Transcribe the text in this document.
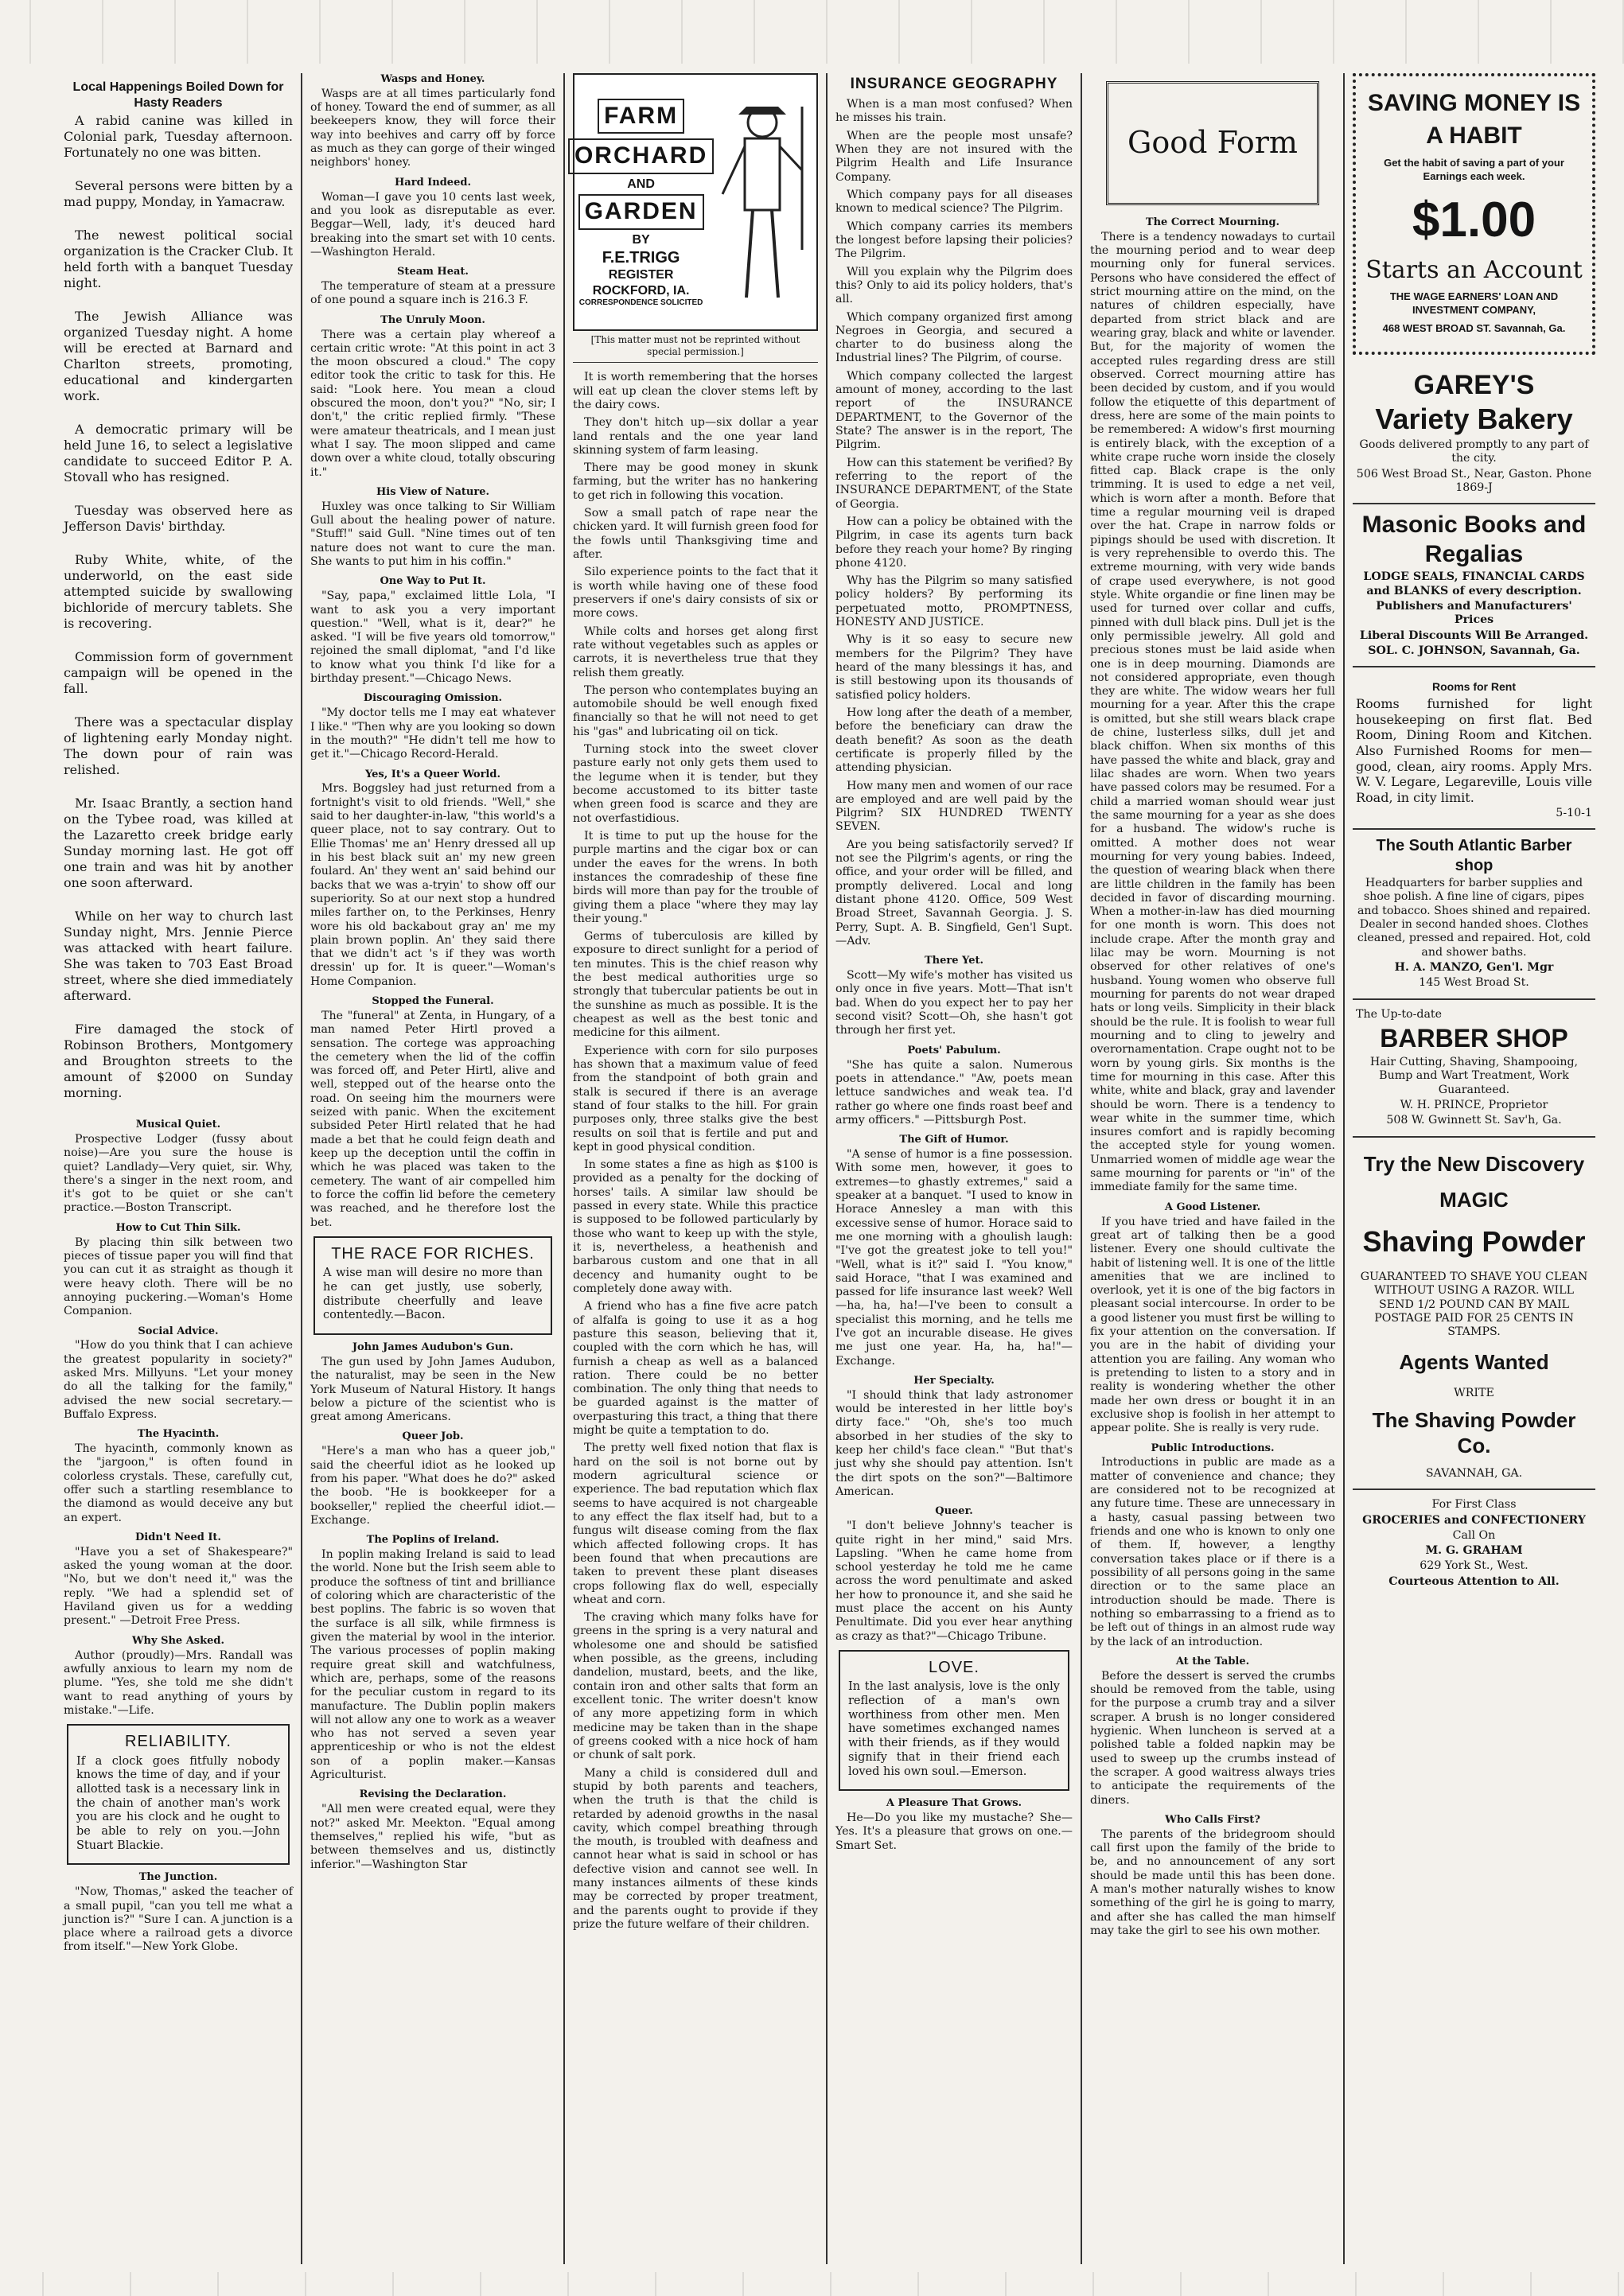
Local Happenings Boiled Down for Hasty Readers

A rabid canine was killed in Colonial park, Tuesday afternoon. Fortunately no one was bitten.

Several persons were bitten by a mad puppy, Monday, in Yamacraw.

The newest political social organization is the Cracker Club. It held forth with a banquet Tuesday night.

The Jewish Alliance was organized Tuesday night. A home will be erected at Barnard and Charlton streets, promoting, educational and kindergarten work.

A democratic primary will be held June 16, to select a legislative candidate to succeed Editor P. A. Stovall who has resigned.

Tuesday was observed here as Jefferson Davis' birthday.

Ruby White, white, of the underworld, on the east side attempted suicide by swallowing bichloride of mercury tablets. She is recovering.

Commission form of government campaign will be opened in the fall.

There was a spectacular display of lightening early Monday night. The down pour of rain was relished.

Mr. Isaac Brantly, a section hand on the Tybee road, was killed at the Lazaretto creek bridge early Sunday morning last. He got off one train and was hit by another one soon afterward.

While on her way to church last Sunday night, Mrs. Jennie Pierce was attacked with heart failure. She was taken to 703 East Broad street, where she died immediately afterward.

Fire damaged the stock of Robinson Brothers, Montgomery and Broughton streets to the amount of $2000 on Sunday morning.

Musical Quiet.

Prospective Lodger (fussy about noise)—Are you sure the house is quiet? Landlady—Very quiet, sir. Why, there's a singer in the next room, and it's got to be quiet or she can't practice.—Boston Transcript.

How to Cut Thin Silk.

By placing thin silk between two pieces of tissue paper you will find that you can cut it as straight as though it were heavy cloth. There will be no annoying puckering.—Woman's Home Companion.

Social Advice.

"How do you think that I can achieve the greatest popularity in society?" asked Mrs. Millyuns. "Let your money do all the talking for the family," advised the new social secretary.—Buffalo Express.

The Hyacinth.

The hyacinth, commonly known as the "jargoon," is often found in colorless crystals. These, carefully cut, offer such a startling resemblance to the diamond as would deceive any but an expert.

Didn't Need It.

"Have you a set of Shakespeare?" asked the young woman at the door. "No, but we don't need it," was the reply. "We had a splendid set of Haviland given us for a wedding present." —Detroit Free Press.

Why She Asked.

Author (proudly)—Mrs. Randall was awfully anxious to learn my nom de plume. "Yes, she told me she didn't want to read anything of yours by mistake."—Life.

RELIABILITY.

If a clock goes fitfully nobody knows the time of day, and if your allotted task is a necessary link in the chain of another man's work you are his clock and he ought to be able to rely on you.—John Stuart Blackie.

The Junction.

"Now, Thomas," asked the teacher of a small pupil, "can you tell me what a junction is?" "Sure I can. A junction is a place where a railroad gets a divorce from itself."—New York Globe.

Wasps and Honey.

Wasps are at all times particularly fond of honey. Toward the end of summer, as all beekeepers know, they will force their way into beehives and carry off by force as much as they can gorge of their winged neighbors' honey.

Hard Indeed.

Woman—I gave you 10 cents last week, and you look as disreputable as ever. Beggar—Well, lady, it's deuced hard breaking into the smart set with 10 cents.—Washington Herald.

Steam Heat.

The temperature of steam at a pressure of one pound a square inch is 216.3 F.

The Unruly Moon.

There was a certain play whereof a certain critic wrote: "At this point in act 3 the moon obscured a cloud." The copy editor took the critic to task for this. He said: "Look here. You mean a cloud obscured the moon, don't you?" "No, sir; I don't," the critic replied firmly. "These were amateur theatricals, and I mean just what I say. The moon slipped and came down over a white cloud, totally obscuring it."

His View of Nature.

Huxley was once talking to Sir William Gull about the healing power of nature. "Stuff!" said Gull. "Nine times out of ten nature does not want to cure the man. She wants to put him in his coffin."

One Way to Put It.

"Say, papa," exclaimed little Lola, "I want to ask you a very important question." "Well, what is it, dear?" he asked. "I will be five years old tomorrow," rejoined the small diplomat, "and I'd like to know what you think I'd like for a birthday present."—Chicago News.

Discouraging Omission.

"My doctor tells me I may eat whatever I like." "Then why are you looking so down in the mouth?" "He didn't tell me how to get it."—Chicago Record-Herald.

Yes, It's a Queer World.

Mrs. Boggsley had just returned from a fortnight's visit to old friends. "Well," she said to her daughter-in-law, "this world's a queer place, not to say contrary. Out to Ellie Thomas' me an' Henry dressed all up in his best black suit an' my new green foulard. An' they went an' said behind our backs that we was a-tryin' to show off our superiority. So at our next stop a hundred miles farther on, to the Perkinses, Henry wore his old backabout gray an' me my plain brown poplin. An' they said there that we didn't act 's if they was worth dressin' up for. It is queer."—Woman's Home Companion.

Stopped the Funeral.

The "funeral" at Zenta, in Hungary, of a man named Peter Hirtl proved a sensation. The cortege was approaching the cemetery when the lid of the coffin was forced off, and Peter Hirtl, alive and well, stepped out of the hearse onto the road. On seeing him the mourners were seized with panic. When the excitement subsided Peter Hirtl related that he had made a bet that he could feign death and keep up the deception until the coffin in which he was placed was taken to the cemetery. The want of air compelled him to force the coffin lid before the cemetery was reached, and he therefore lost the bet.

THE RACE FOR RICHES.

A wise man will desire no more than he can get justly, use soberly, distribute cheerfully and leave contentedly.—Bacon.

John James Audubon's Gun.

The gun used by John James Audubon, the naturalist, may be seen in the New York Museum of Natural History. It hangs below a picture of the scientist who is great among Americans.

Queer Job.

"Here's a man who has a queer job," said the cheerful idiot as he looked up from his paper. "What does he do?" asked the boob. "He is bookkeeper for a bookseller," replied the cheerful idiot.—Exchange.

The Poplins of Ireland.

In poplin making Ireland is said to lead the world. None but the Irish seem able to produce the softness of tint and brilliance of coloring which are characteristic of the best poplins. The fabric is so woven that the surface is all silk, while firmness is given the material by wool in the interior. The various processes of poplin making require great skill and watchfulness, which are, perhaps, some of the reasons for the peculiar custom in regard to its manufacture. The Dublin poplin makers will not allow any one to work as a weaver who has not served a seven year apprenticeship or who is not the eldest son of a poplin maker.—Kansas Agriculturist.

Revising the Declaration.

"All men were created equal, were they not?" asked Mr. Meekton. "Equal among themselves," replied his wife, "but as between themselves and us, distinctly inferior."—Washington Star

FARM
ORCHARD
AND
GARDEN
BY
F.E.TRIGG
REGISTER
ROCKFORD, IA.
CORRESPONDENCE SOLICITED
[This matter must not be reprinted without special permission.]

It is worth remembering that the horses will eat up clean the clover stems left by the dairy cows.

They don't hitch up—six dollar a year land rentals and the one year land skinning system of farm leasing.

There may be good money in skunk farming, but the writer has no hankering to get rich in following this vocation.

Sow a small patch of rape near the chicken yard. It will furnish green food for the fowls until Thanksgiving time and after.

Silo experience points to the fact that it is worth while having one of these food preservers if one's dairy consists of six or more cows.

While colts and horses get along first rate without vegetables such as apples or carrots, it is nevertheless true that they relish them greatly.

The person who contemplates buying an automobile should be well enough fixed financially so that he will not need to get his "gas" and lubricating oil on tick.

Turning stock into the sweet clover pasture early not only gets them used to the legume when it is tender, but they become accustomed to its bitter taste when green food is scarce and they are not overfastidious.

It is time to put up the house for the purple martins and the cigar box or can under the eaves for the wrens. In both instances the comradeship of these fine birds will more than pay for the trouble of giving them a place "where they may lay their young."

Germs of tuberculosis are killed by exposure to direct sunlight for a period of ten minutes. This is the chief reason why the best medical authorities urge so strongly that tubercular patients be out in the sunshine as much as possible. It is the cheapest as well as the best tonic and medicine for this ailment.

Experience with corn for silo purposes has shown that a maximum value of feed from the standpoint of both grain and stalk is secured if there is an average stand of four stalks to the hill. For grain purposes only, three stalks give the best results on soil that is fertile and put and kept in good physical condition.

In some states a fine as high as $100 is provided as a penalty for the docking of horses' tails. A similar law should be passed in every state. While this practice is supposed to be followed particularly by those who want to keep up with the style, it is, nevertheless, a heathenish and barbarous custom and one that in all decency and humanity ought to be completely done away with.

A friend who has a fine five acre patch of alfalfa is going to use it as a hog pasture this season, believing that it, coupled with the corn which he has, will furnish a cheap as well as a balanced ration. There could be no better combination. The only thing that needs to be guarded against is the matter of overpasturing this tract, a thing that there might be quite a temptation to do.

The pretty well fixed notion that flax is hard on the soil is not borne out by modern agricultural science or experience. The bad reputation which flax seems to have acquired is not chargeable to any effect the flax itself had, but to a fungus wilt disease coming from the flax which affected following crops. It has been found that when precautions are taken to prevent these plant diseases crops following flax do well, especially wheat and corn.

The craving which many folks have for greens in the spring is a very natural and wholesome one and should be satisfied when possible, as the greens, including dandelion, mustard, beets, and the like, contain iron and other salts that form an excellent tonic. The writer doesn't know of any more appetizing form in which medicine may be taken than in the shape of greens cooked with a nice hock of ham or chunk of salt pork.

Many a child is considered dull and stupid by both parents and teachers, when the truth is that the child is retarded by adenoid growths in the nasal cavity, which compel breathing through the mouth, is troubled with deafness and cannot hear what is said in school or has defective vision and cannot see well. In many instances ailments of these kinds may be corrected by proper treatment, and the parents ought to provide if they prize the future welfare of their children.

INSURANCE GEOGRAPHY

When is a man most confused? When he misses his train.

When are the people most unsafe? When they are not insured with the Pilgrim Health and Life Insurance Company.

Which company pays for all diseases known to medical science? The Pilgrim.

Which company carries its members the longest before lapsing their policies? The Pilgrim.

Will you explain why the Pilgrim does this? Only to aid its policy holders, that's all.

Which company organized first among Negroes in Georgia, and secured a charter to do business along the Industrial lines? The Pilgrim, of course.

Which company collected the largest amount of money, according to the last report of the INSURANCE DEPARTMENT, to the Governor of the State? The answer is in the report, The Pilgrim.

How can this statement be verified? By referring to the report of the INSURANCE DEPARTMENT, of the State of Georgia.

How can a policy be obtained with the Pilgrim, in case its agents turn back before they reach your home? By ringing phone 4120.

Why has the Pilgrim so many satisfied policy holders? By performing its perpetuated motto, PROMPTNESS, HONESTY AND JUSTICE.

Why is it so easy to secure new members for the Pilgrim? They have heard of the many blessings it has, and is still bestowing upon its thousands of satisfied policy holders.

How long after the death of a member, before the beneficiary can draw the death benefit? As soon as the death certificate is properly filled by the attending physician.

How many men and women of our race are employed and are well paid by the Pilgrim? SIX HUNDRED TWENTY SEVEN.

Are you being satisfactorily served? If not see the Pilgrim's agents, or ring the office, and your order will be filled, and promptly delivered. Local and long distant phone 4120. Office, 509 West Broad Street, Savannah Georgia. J. S. Perry, Supt. A. B. Singfield, Gen'l Supt. —Adv.

There Yet.

Scott—My wife's mother has visited us only once in five years. Mott—That isn't bad. When do you expect her to pay her second visit? Scott—Oh, she hasn't got through her first yet.

Poets' Pabulum.

"She has quite a salon. Numerous poets in attendance." "Aw, poets mean lettuce sandwiches and weak tea. I'd rather go where one finds roast beef and army officers." —Pittsburgh Post.

The Gift of Humor.

"A sense of humor is a fine possession. With some men, however, it goes to extremes—to ghastly extremes," said a speaker at a banquet. "I used to know in Horace Annesley a man with this excessive sense of humor. Horace said to me one morning with a ghoulish laugh: "I've got the greatest joke to tell you!" "Well, what is it?" said I. "You know," said Horace, "that I was examined and passed for life insurance last week? Well—ha, ha, ha!—I've been to consult a specialist this morning, and he tells me I've got an incurable disease. He gives me just one year. Ha, ha, ha!"—Exchange.

Her Specialty.

"I should think that lady astronomer would be interested in her little boy's dirty face." "Oh, she's too much absorbed in her studies of the sky to keep her child's face clean." "But that's just why she should pay attention. Isn't the dirt spots on the son?"—Baltimore American.

Queer.

"I don't believe Johnny's teacher is quite right in her mind," said Mrs. Lapsling. "When he came home from school yesterday he told me he came across the word penultimate and asked her how to pronounce it, and she said he must place the accent on his Aunty Penultimate. Did you ever hear anything as crazy as that?"—Chicago Tribune.

LOVE.

In the last analysis, love is the only reflection of a man's own worthiness from other men. Men have sometimes exchanged names with their friends, as if they would signify that in their friend each loved his own soul.—Emerson.

A Pleasure That Grows.

He—Do you like my mustache? She—Yes. It's a pleasure that grows on one.—Smart Set.

Good Form
The Correct Mourning.

There is a tendency nowadays to curtail the mourning period and to wear deep mourning only for funeral services. Persons who have considered the effect of strict mourning attire on the mind, on the natures of children especially, have departed from strict black and are wearing gray, black and white or lavender. But, for the majority of women the accepted rules regarding dress are still observed. Correct mourning attire has been decided by custom, and if you would follow the etiquette of this department of dress, here are some of the main points to be remembered: A widow's first mourning is entirely black, with the exception of a white crape ruche worn inside the closely fitted cap. Black crape is the only trimming. It is used to edge a net veil, which is worn after a month. Before that time a regular mourning veil is draped over the hat. Crape in narrow folds or pipings should be used with discretion. It is very reprehensible to overdo this. The extreme mourning, with very wide bands of crape used everywhere, is not good style. White organdie or fine linen may be used for turned over collar and cuffs, pinned with dull black pins. Dull jet is the only permissible jewelry. All gold and precious stones must be laid aside when one is in deep mourning. Diamonds are not considered appropriate, even though they are white. The widow wears her full mourning for a year. After this the crape is omitted, but she still wears black crape de chine, lusterless silks, dull jet and black chiffon. When six months of this have passed the white and black, gray and lilac shades are worn. When two years have passed colors may be resumed. For a child a married woman should wear just the same mourning for a year as she does for a husband. The widow's ruche is omitted. A mother does not wear mourning for very young babies. Indeed, the question of wearing black when there are little children in the family has been decided in favor of discarding mourning. When a mother-in-law has died mourning for one month is worn. This does not include crape. After the month gray and lilac may be worn. Mourning is not observed for other relatives of one's husband. Young women who observe full mourning for parents do not wear draped hats or long veils. Simplicity in their black should be the rule. It is foolish to wear full mourning and to cling to jewelry and overornamentation. Crape ought not to be worn by young girls. Six months is the time for mourning in this case. After this white, white and black, gray and lavender should be worn. There is a tendency to wear white in the summer time, which insures comfort and is rapidly becoming the accepted style for young women. Unmarried women of middle age wear the same mourning for parents or "in" of the immediate family for the same time.

A Good Listener.

If you have tried and have failed in the great art of talking then be a good listener. Every one should cultivate the habit of listening well. It is one of the little amenities that we are inclined to overlook, yet it is one of the big factors in pleasant social intercourse. In order to be a good listener you must first be willing to fix your attention on the conversation. If you are in the habit of dividing your attention you are failing. Any woman who is pretending to listen to a story and in reality is wondering whether the other made her own dress or bought it in an exclusive shop is foolish in her attempt to appear polite. She is really is very rude.

Public Introductions.

Introductions in public are made as a matter of convenience and chance; they are considered not to be recognized at any future time. These are unnecessary in a hasty, casual passing between two friends and one who is known to only one of them. If, however, a lengthy conversation takes place or if there is a possibility of all persons going in the same direction or to the same place an introduction should be made. There is nothing so embarrassing to a friend as to be left out of things in an almost rude way by the lack of an introduction.

At the Table.

Before the dessert is served the crumbs should be removed from the table, using for the purpose a crumb tray and a silver scraper. A brush is no longer considered hygienic. When luncheon is served at a polished table a folded napkin may be used to sweep up the crumbs instead of the scraper. A good waitress always tries to anticipate the requirements of the diners.

Who Calls First?

The parents of the bridegroom should call first upon the family of the bride to be, and no announcement of any sort should be made until this has been done. A man's mother naturally wishes to know something of the girl he is going to marry, and after she has called the man himself may take the girl to see his own mother.

SAVING MONEY IS A HABIT
Get the habit of saving a part of your Earnings each week.
$1.00
Starts an Account
THE WAGE EARNERS' LOAN AND INVESTMENT COMPANY,
468 WEST BROAD ST. Savannah, Ga.
GAREY'S
Variety Bakery

Goods delivered promptly to any part of the city.

506 West Broad St., Near, Gaston. Phone 1869-J

Masonic Books and Regalias

LODGE SEALS, FINANCIAL CARDS and BLANKS of every description.

Publishers and Manufacturers' Prices

Liberal Discounts Will Be Arranged.

SOL. C. JOHNSON, Savannah, Ga.

Rooms for Rent

Rooms furnished for light housekeeping on first flat. Bed Room, Dining Room and Kitchen. Also Furnished Rooms for men—good, clean, airy rooms. Apply Mrs. W. V. Legare, Legareville, Louis ville Road, in city limit.

5-10-1

The South Atlantic Barber shop

Headquarters for barber supplies and shoe polish. A fine line of cigars, pipes and tobacco. Shoes shined and repaired. Dealer in second handed shoes. Clothes cleaned, pressed and repaired. Hot, cold and shower baths.

H. A. MANZO, Gen'l. Mgr

145 West Broad St.

The Up-to-date

BARBER SHOP

Hair Cutting, Shaving, Shampooing, Bump and Wart Treatment, Work Guaranteed.

W. H. PRINCE, Proprietor

508 W. Gwinnett St. Sav'h, Ga.

Try the New Discovery
MAGIC
Shaving Powder

GUARANTEED TO SHAVE YOU CLEAN WITHOUT USING A RAZOR. WILL SEND 1/2 POUND CAN BY MAIL POSTAGE PAID FOR 25 CENTS IN STAMPS.

Agents Wanted

WRITE

The Shaving Powder Co.

SAVANNAH, GA.

For First Class

GROCERIES and CONFECTIONERY

Call On

M. G. GRAHAM

629 York St., West.

Courteous Attention to All.
